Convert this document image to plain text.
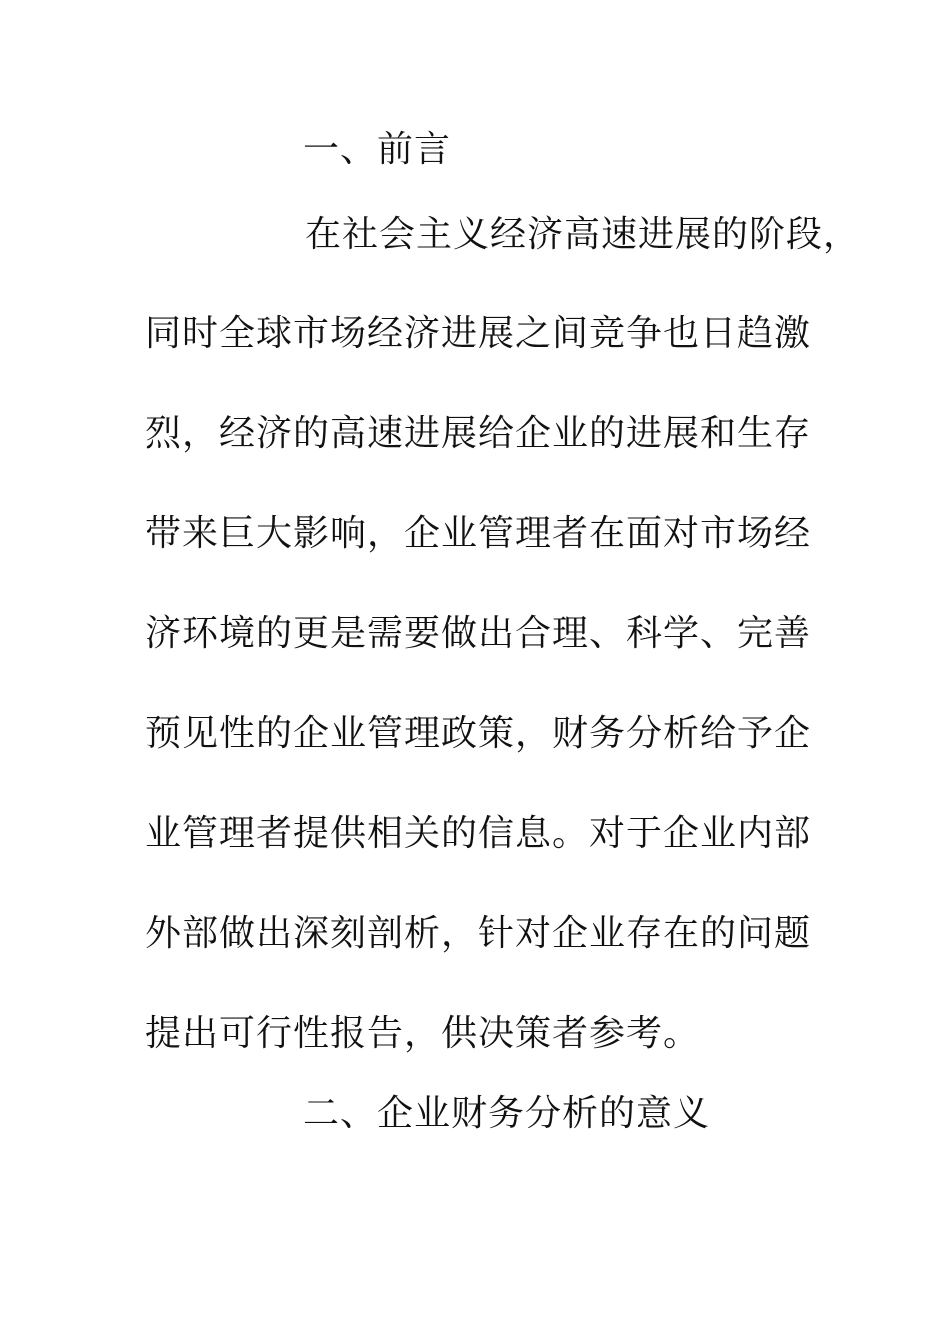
一、前言
在社会主义经济高速进展的阶段，
同时全球市场经济进展之间竞争也日趋激
烈，经济的高速进展给企业的进展和生存
带来巨大影响，企业管理者在面对市场经
济环境的更是需要做出合理、科学、完善
预见性的企业管理政策，财务分析给予企
业管理者提供相关的信息。对于企业内部
外部做出深刻剖析，针对企业存在的问题
提出可行性报告，供决策者参考。
二、企业财务分析的意义
